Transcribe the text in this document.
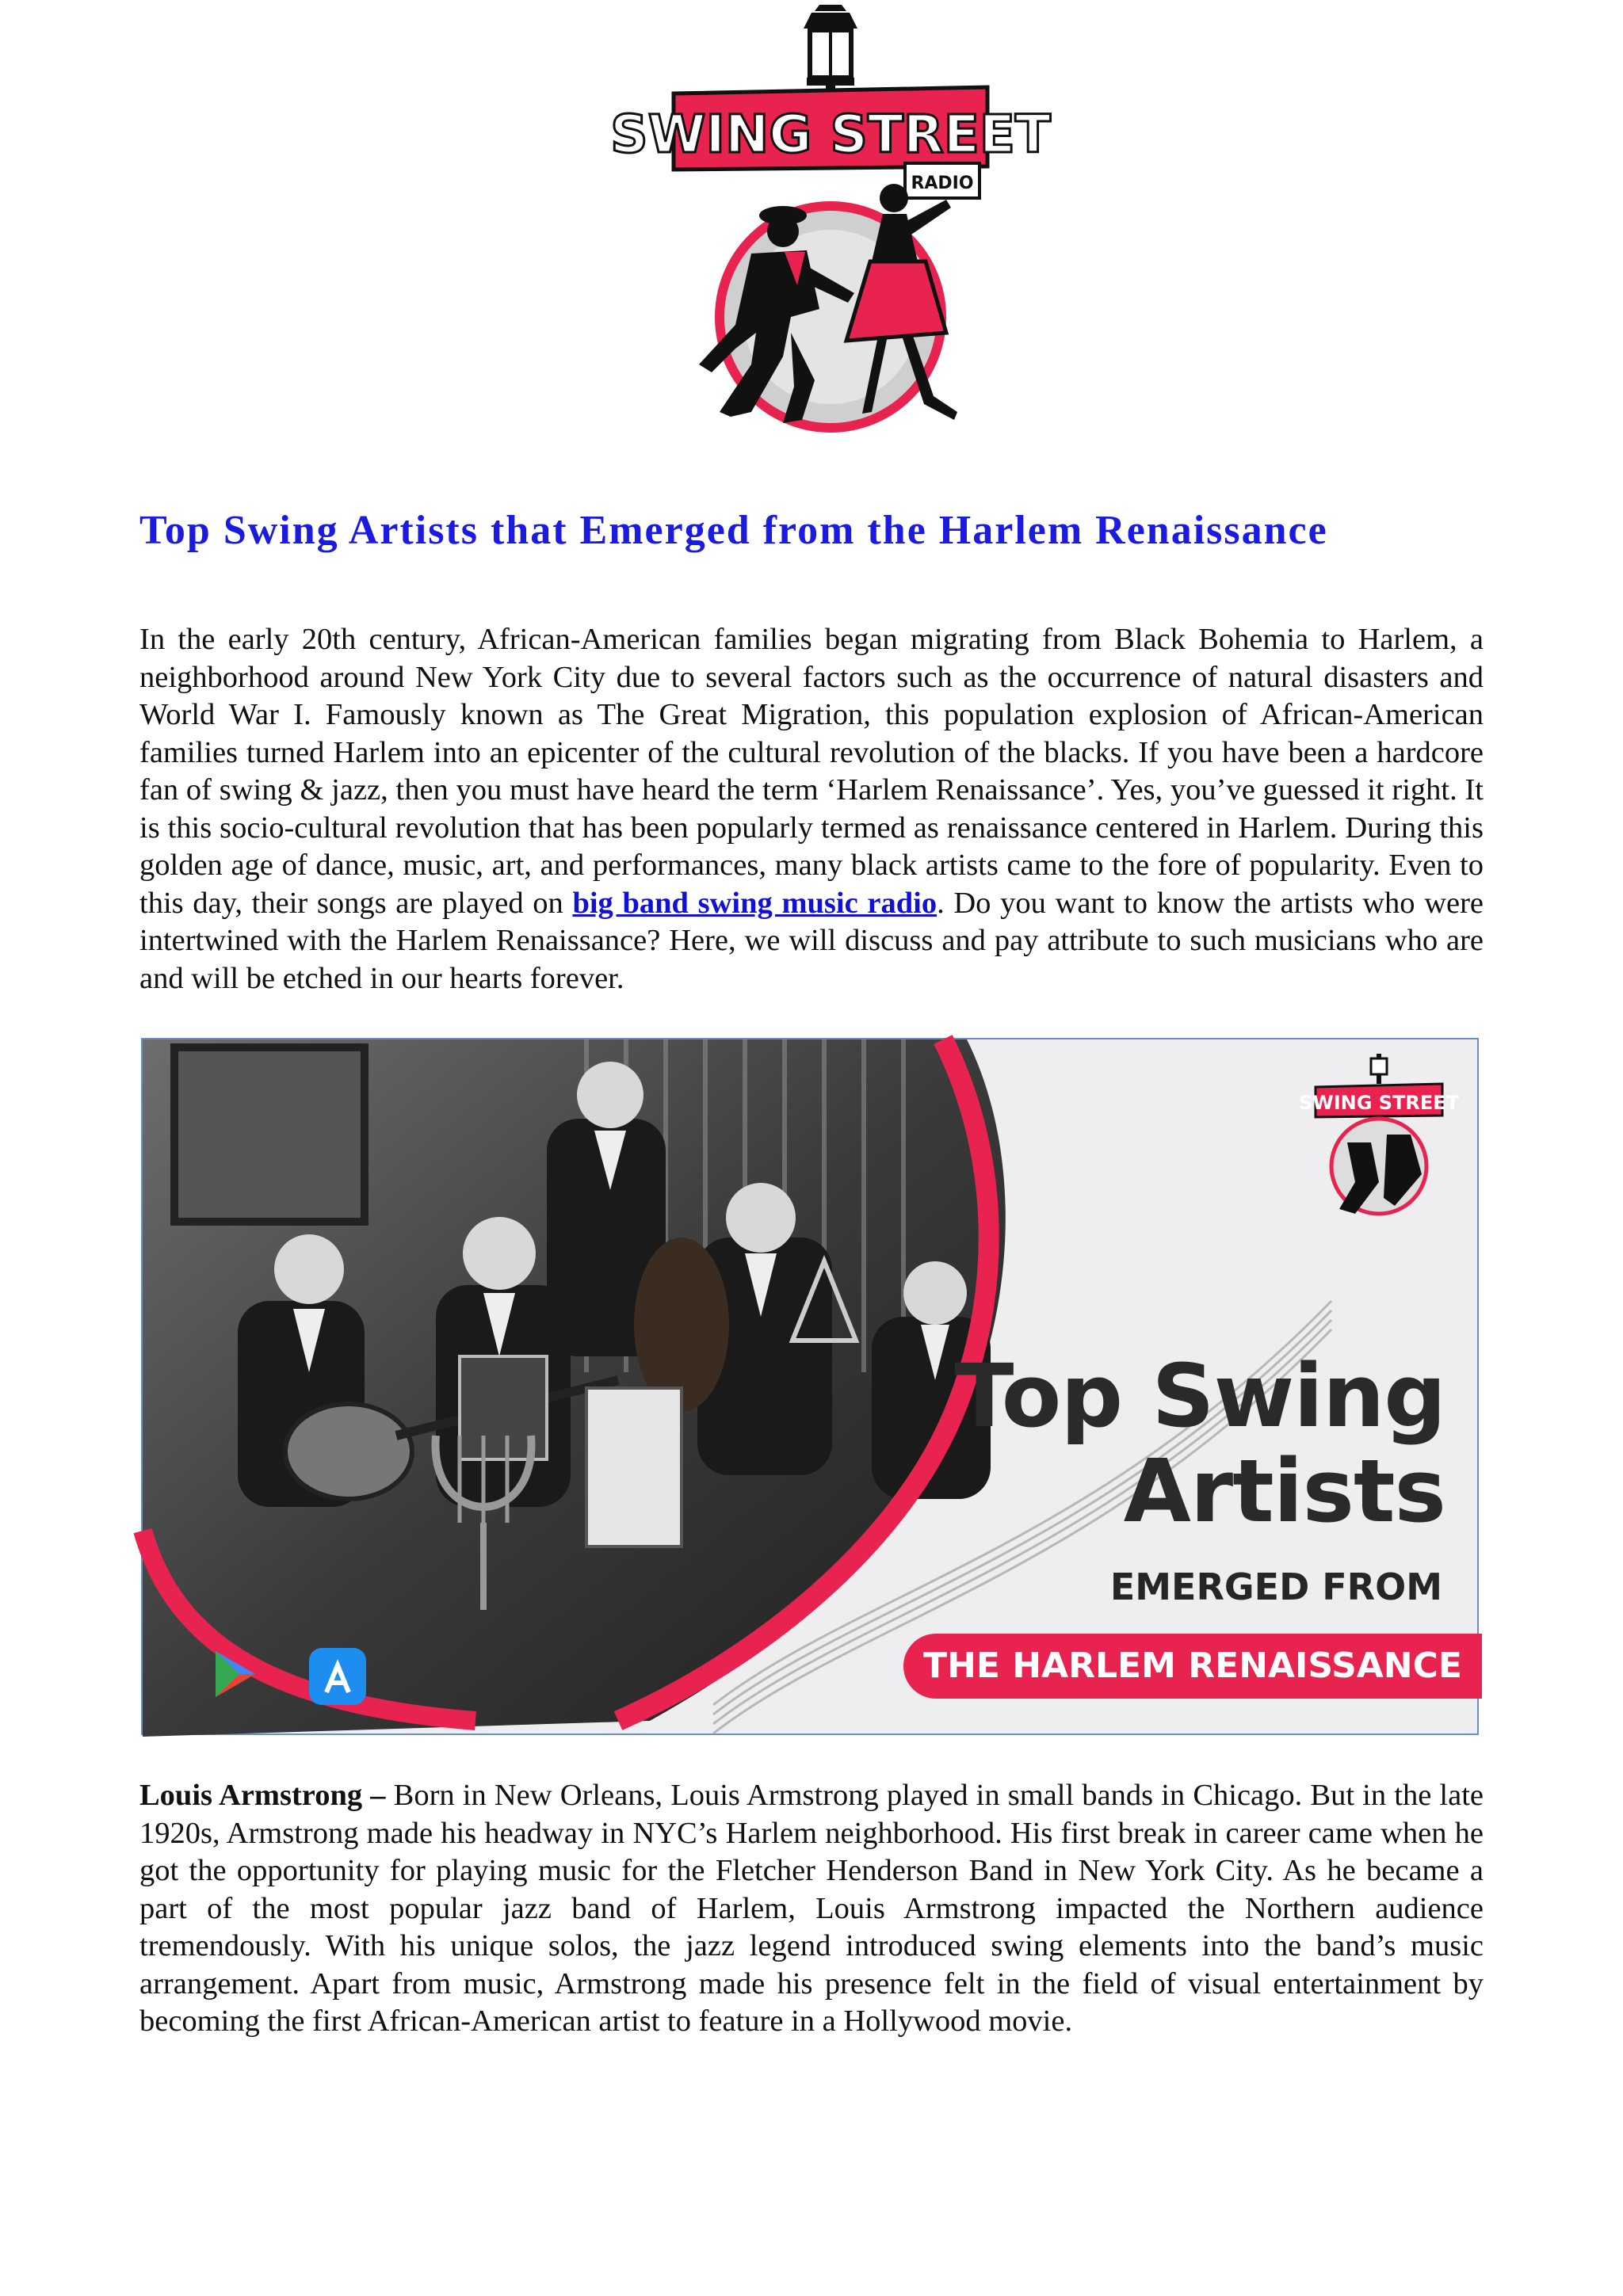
SWING STREET
RADIO
Top Swing Artists that Emerged from the Harlem Renaissance

In the early 20th century, African-American families began migrating from Black Bohemia to Harlem, a neighborhood around New York City due to several factors such as the occurrence of natural disasters and World War I. Famously known as The Great Migration, this population explosion of African-American families turned Harlem into an epicenter of the cultural revolution of the blacks. If you have been a hardcore fan of swing & jazz, then you must have heard the term ‘Harlem Renaissance’. Yes, you’ve guessed it right. It is this socio-cultural revolution that has been popularly termed as renaissance centered in Harlem. During this golden age of dance, music, art, and performances, many black artists came to the fore of popularity. Even to this day, their songs are played on big band swing music radio. Do you want to know the artists who were intertwined with the Harlem Renaissance? Here, we will discuss and pay attribute to such musicians who are and will be etched in our hearts forever.

SWING STREET
Top Swing
Artists
EMERGED FROM
THE HARLEM RENAISSANCE

Louis Armstrong – Born in New Orleans, Louis Armstrong played in small bands in Chicago. But in the late 1920s, Armstrong made his headway in NYC’s Harlem neighborhood. His first break in career came when he got the opportunity for playing music for the Fletcher Henderson Band in New York City. As he became a part of the most popular jazz band of Harlem, Louis Armstrong impacted the Northern audience tremendously. With his unique solos, the jazz legend introduced swing elements into the band’s music arrangement. Apart from music, Armstrong made his presence felt in the field of visual entertainment by becoming the first African-American artist to feature in a Hollywood movie.
